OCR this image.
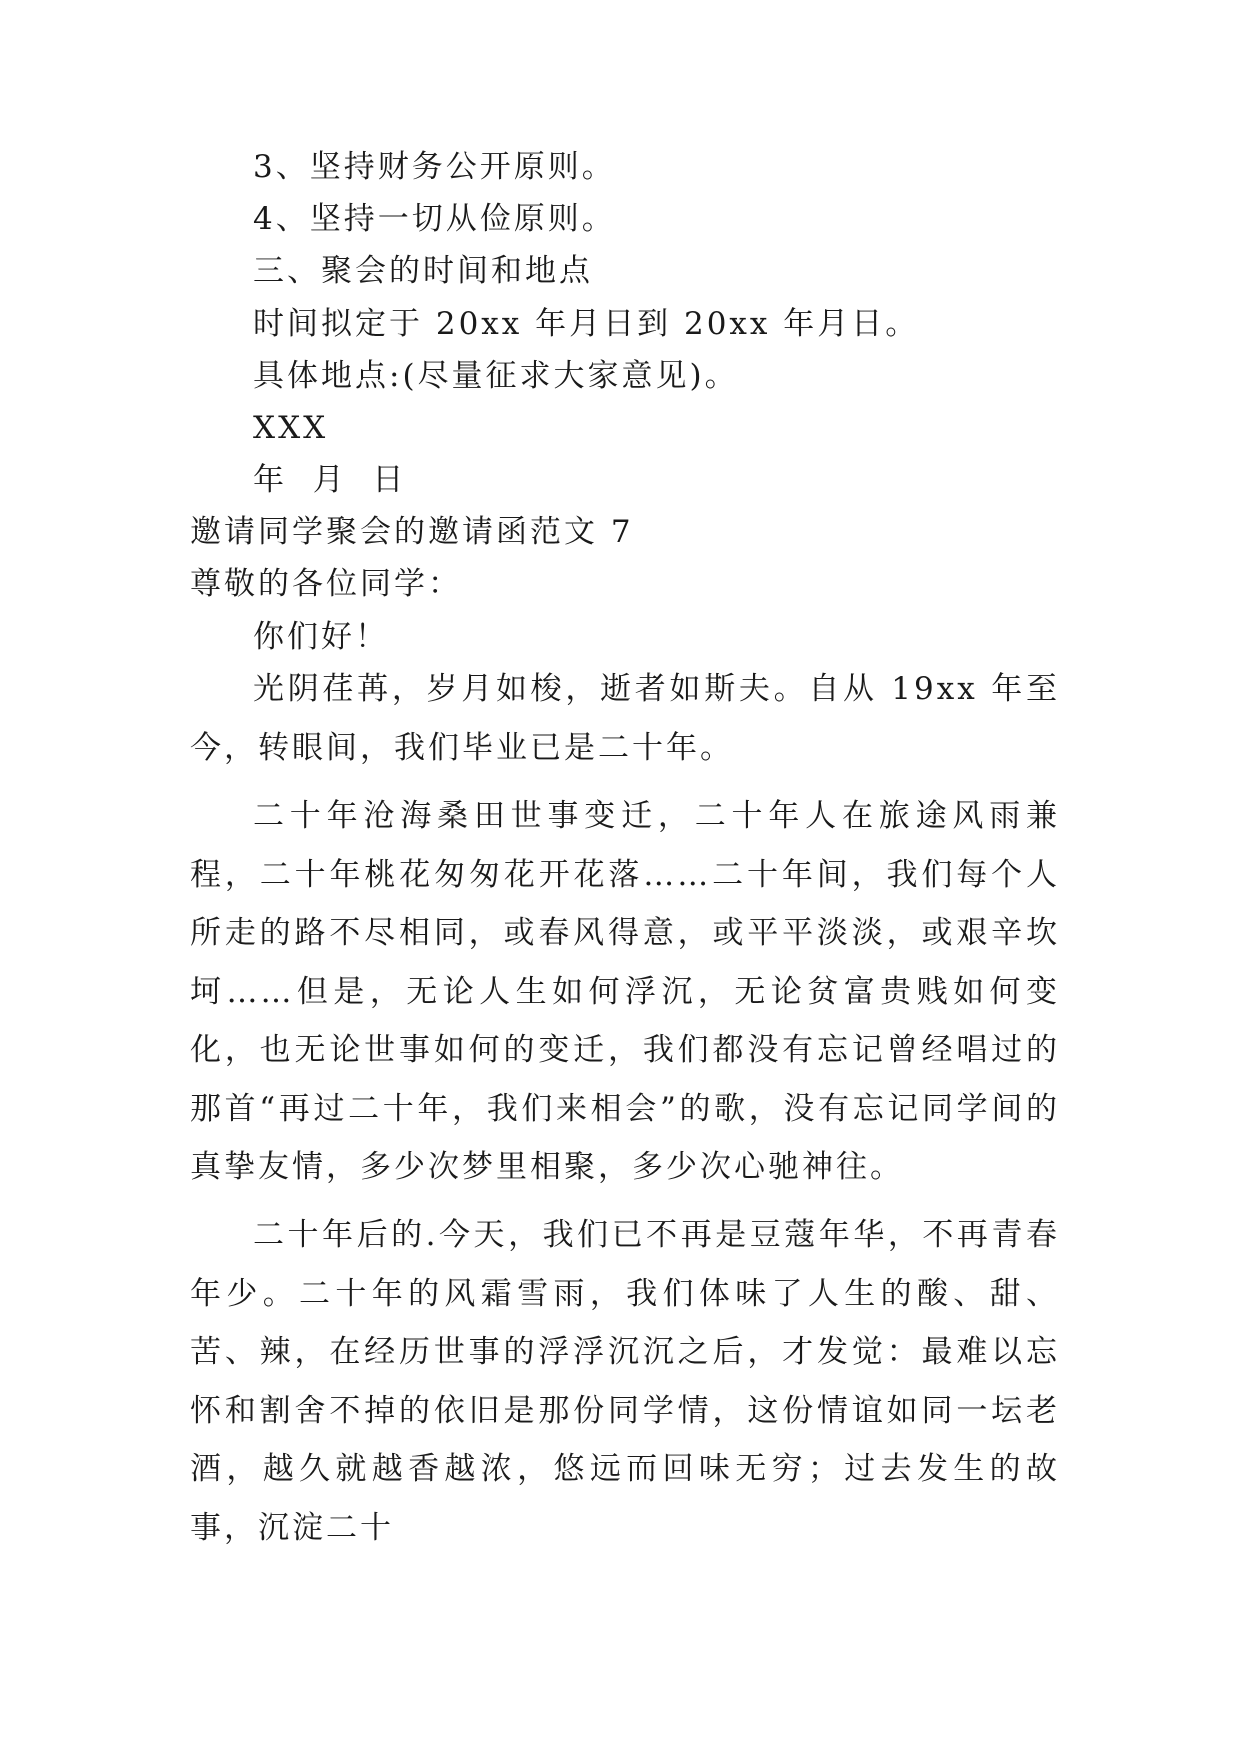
3、坚持财务公开原则。
4、坚持一切从俭原则。
三、聚会的时间和地点
时间拟定于 20xx 年月日到 20xx 年月日。
具体地点:(尽量征求大家意见)。
XXX
年  月  日
邀请同学聚会的邀请函范文 7
尊敬的各位同学：
你们好！
光阴荏苒，岁月如梭，逝者如斯夫。自从 19xx 年至今，转眼间，我们毕业已是二十年。
二十年沧海桑田世事变迁，二十年人在旅途风雨兼程，二十年桃花匆匆花开花落……二十年间，我们每个人所走的路不尽相同，或春风得意，或平平淡淡，或艰辛坎坷……但是，无论人生如何浮沉，无论贫富贵贱如何变化，也无论世事如何的变迁，我们都没有忘记曾经唱过的那首“再过二十年，我们来相会”的歌，没有忘记同学间的真挚友情，多少次梦里相聚，多少次心驰神往。
二十年后的.今天，我们已不再是豆蔻年华，不再青春年少。二十年的风霜雪雨，我们体味了人生的酸、甜、苦、辣，在经历世事的浮浮沉沉之后，才发觉：最难以忘怀和割舍不掉的依旧是那份同学情，这份情谊如同一坛老酒，越久就越香越浓，悠远而回味无穷；过去发生的故事，沉淀二十
